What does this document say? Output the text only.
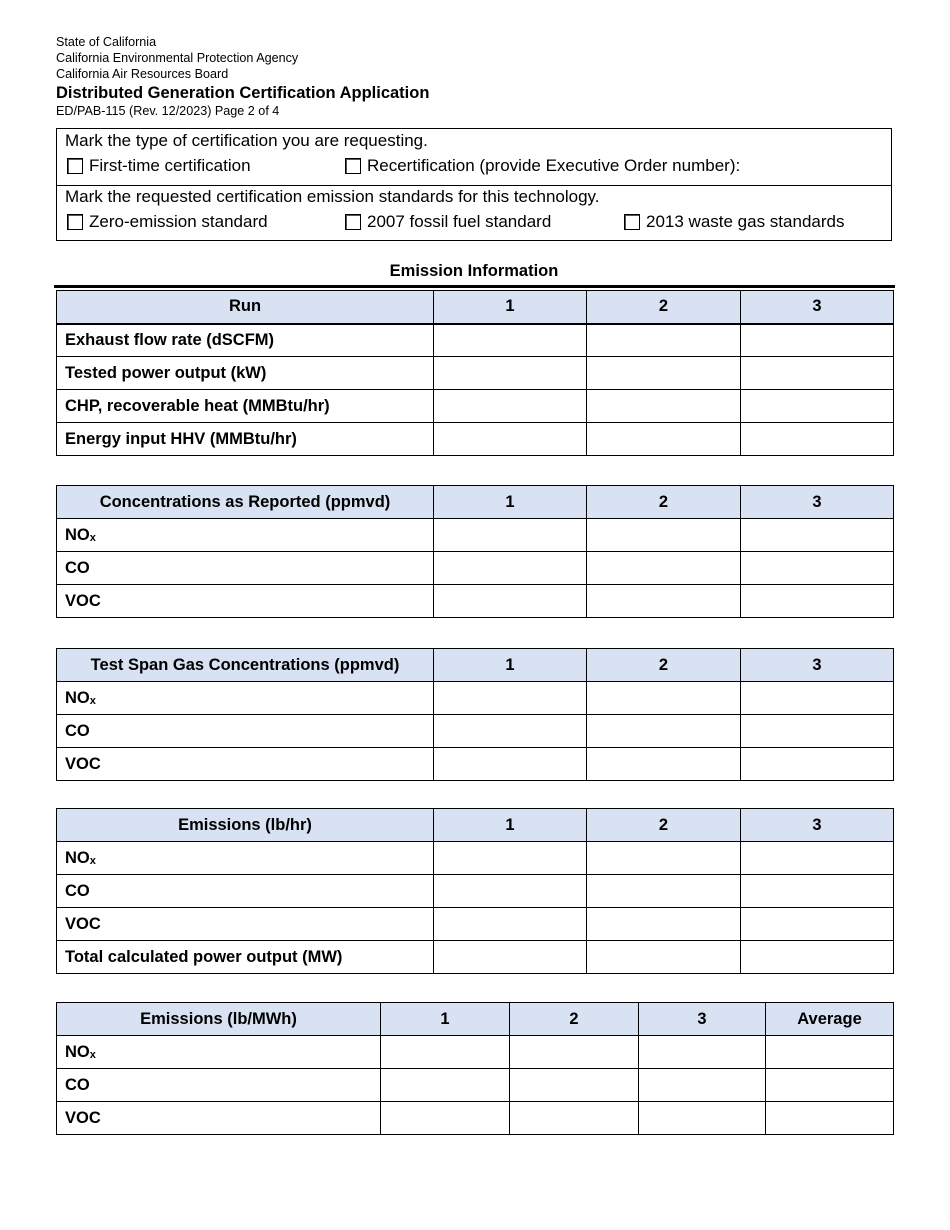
State of California
California Environmental Protection Agency
California Air Resources Board
Distributed Generation Certification Application
ED/PAB-115 (Rev. 12/2023) Page 2 of 4
Mark the type of certification you are requesting.
First-time certification	Recertification (provide Executive Order number):
Mark the requested certification emission standards for this technology.
Zero-emission standard	2007 fossil fuel standard	2013 waste gas standards
Emission Information
Run	1	2	3
Exhaust flow rate (dSCFM)			
Tested power output (kW)			
CHP, recoverable heat (MMBtu/hr)			
Energy input HHV (MMBtu/hr)			
Concentrations as Reported (ppmvd)	1	2	3
$NO_x$			
CO			
VOC			
Test Span Gas Concentrations (ppmvd)	1	2	3
$NO_x$			
CO			
VOC			
Emissions (lb/hr)	1	2	3
$NO_x$			
CO			
VOC			
Total calculated power output (MW)			
Emissions (lb/MWh)	1	2	3	Average
$NO_x$				
CO				
VOC				
